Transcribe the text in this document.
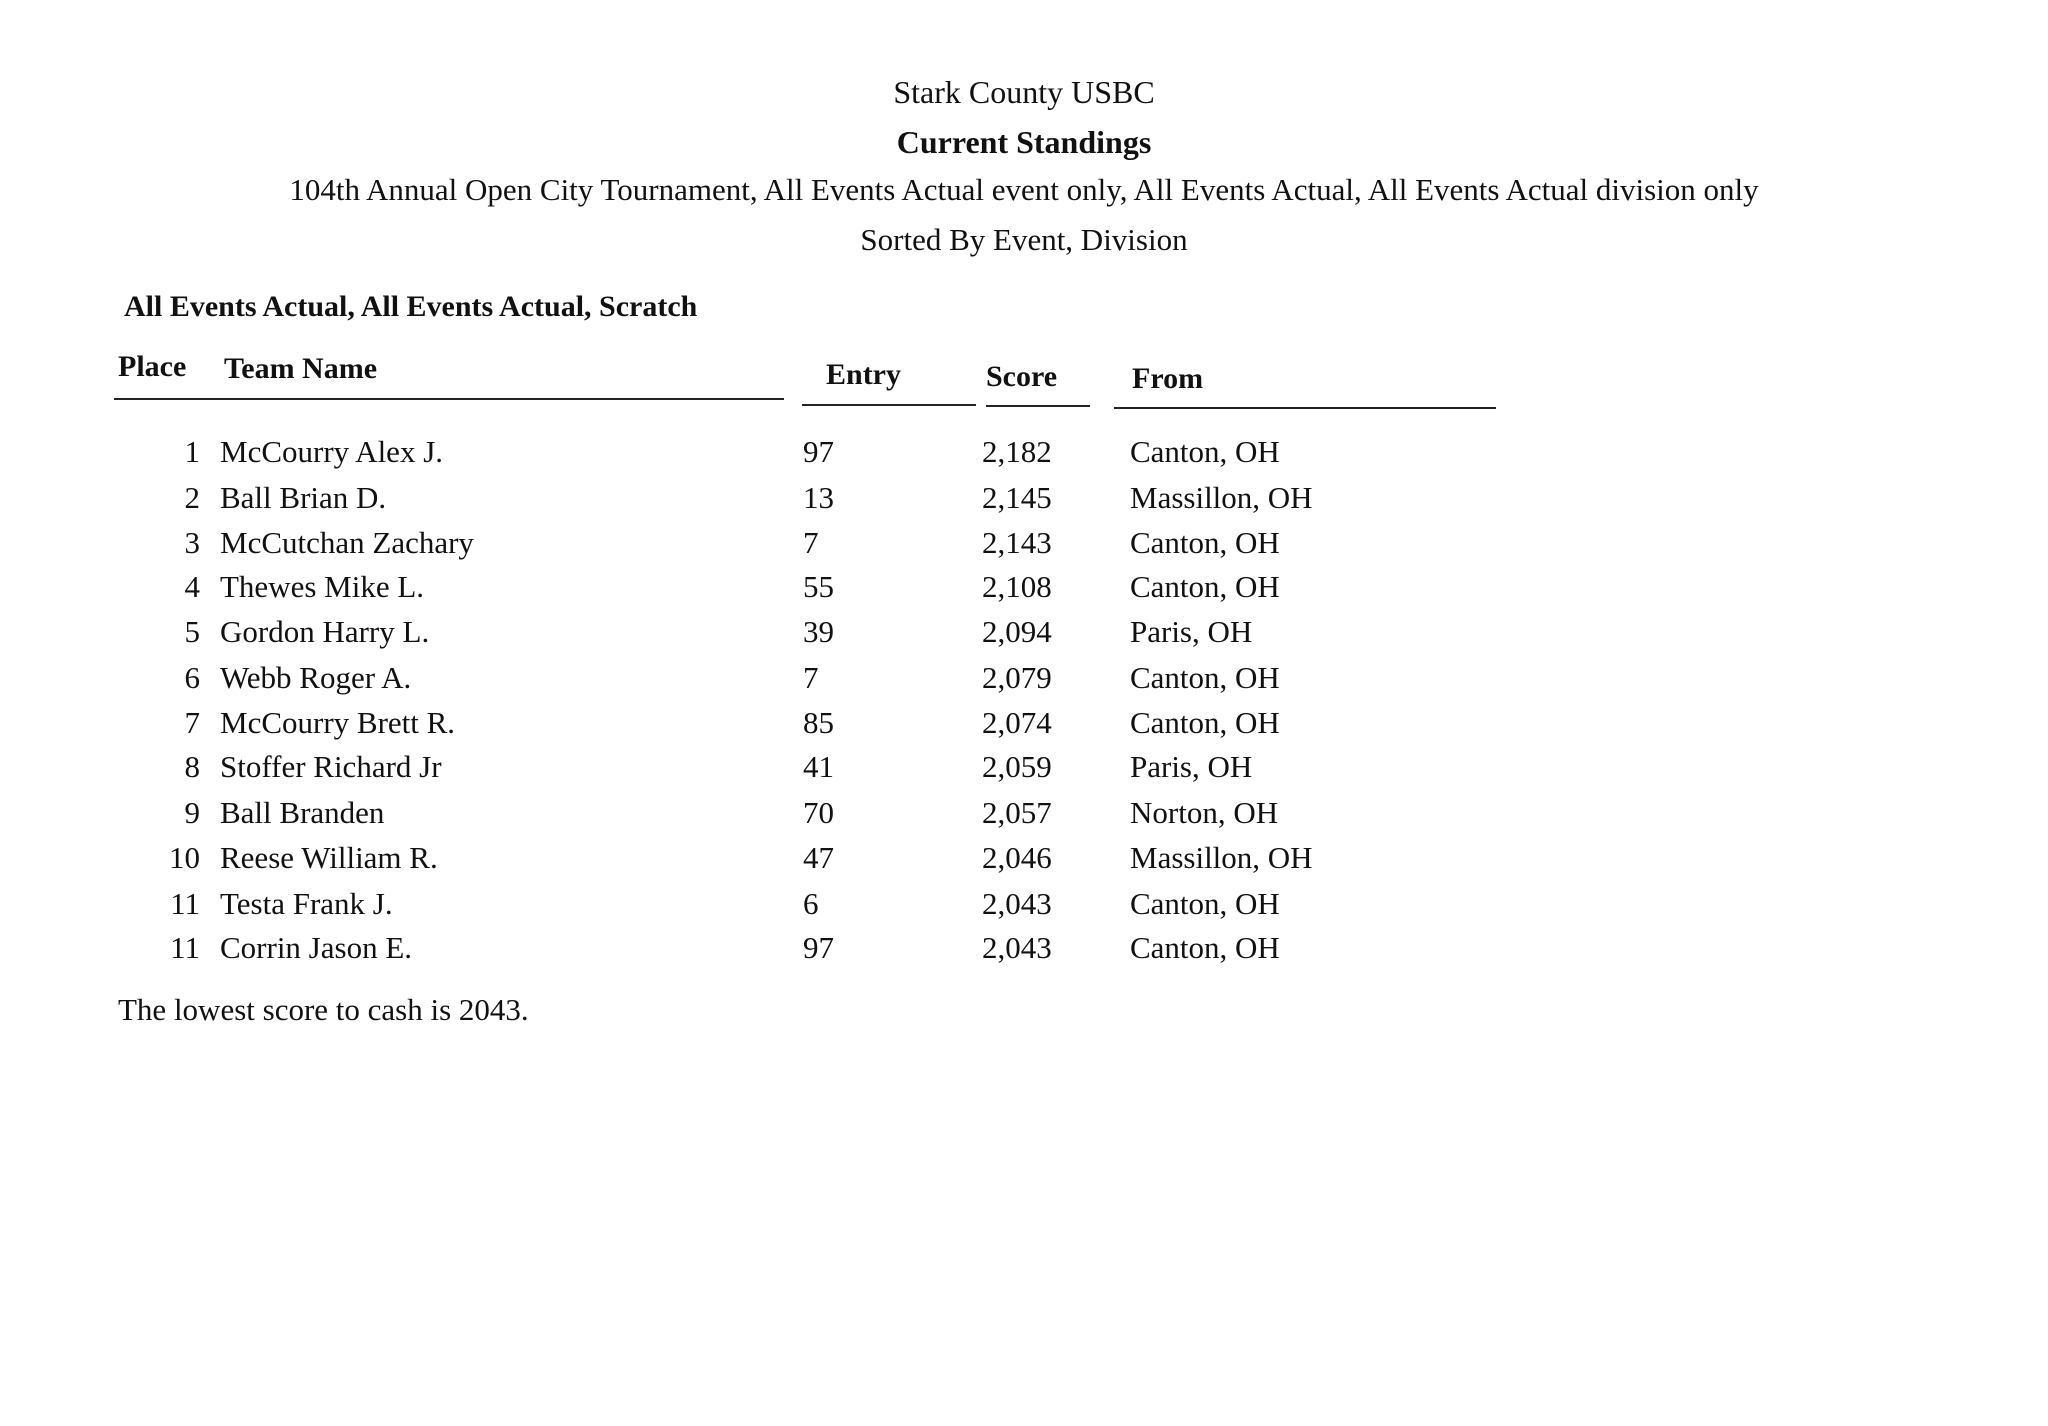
Stark County USBC
Current Standings
104th Annual Open City Tournament, All Events Actual event only, All Events Actual, All Events Actual division only
Sorted By Event, Division
All Events Actual, All Events Actual, Scratch
Place Team Name	Entry	Score From
1 McCourry Alex J.	97	2,182	Canton, OH
2 Ball Brian D.	13	2,145	Massillon, OH
3 McCutchan Zachary	7	2,143	Canton, OH
4 Thewes Mike L.	55	2,108	Canton, OH
5 Gordon Harry L.	39	2,094	Paris, OH
6 Webb Roger A.	7	2,079	Canton, OH
7 McCourry Brett R.	85	2,074	Canton, OH
8 Stoffer Richard Jr	41	2,059	Paris, OH
9 Ball Branden	70	2,057	Norton, OH
10 Reese William R.	47	2,046	Massillon, OH
11 Testa Frank J.	6	2,043	Canton, OH
11 Corrin Jason E.	97	2,043	Canton, OH
The lowest score to cash is 2043.
